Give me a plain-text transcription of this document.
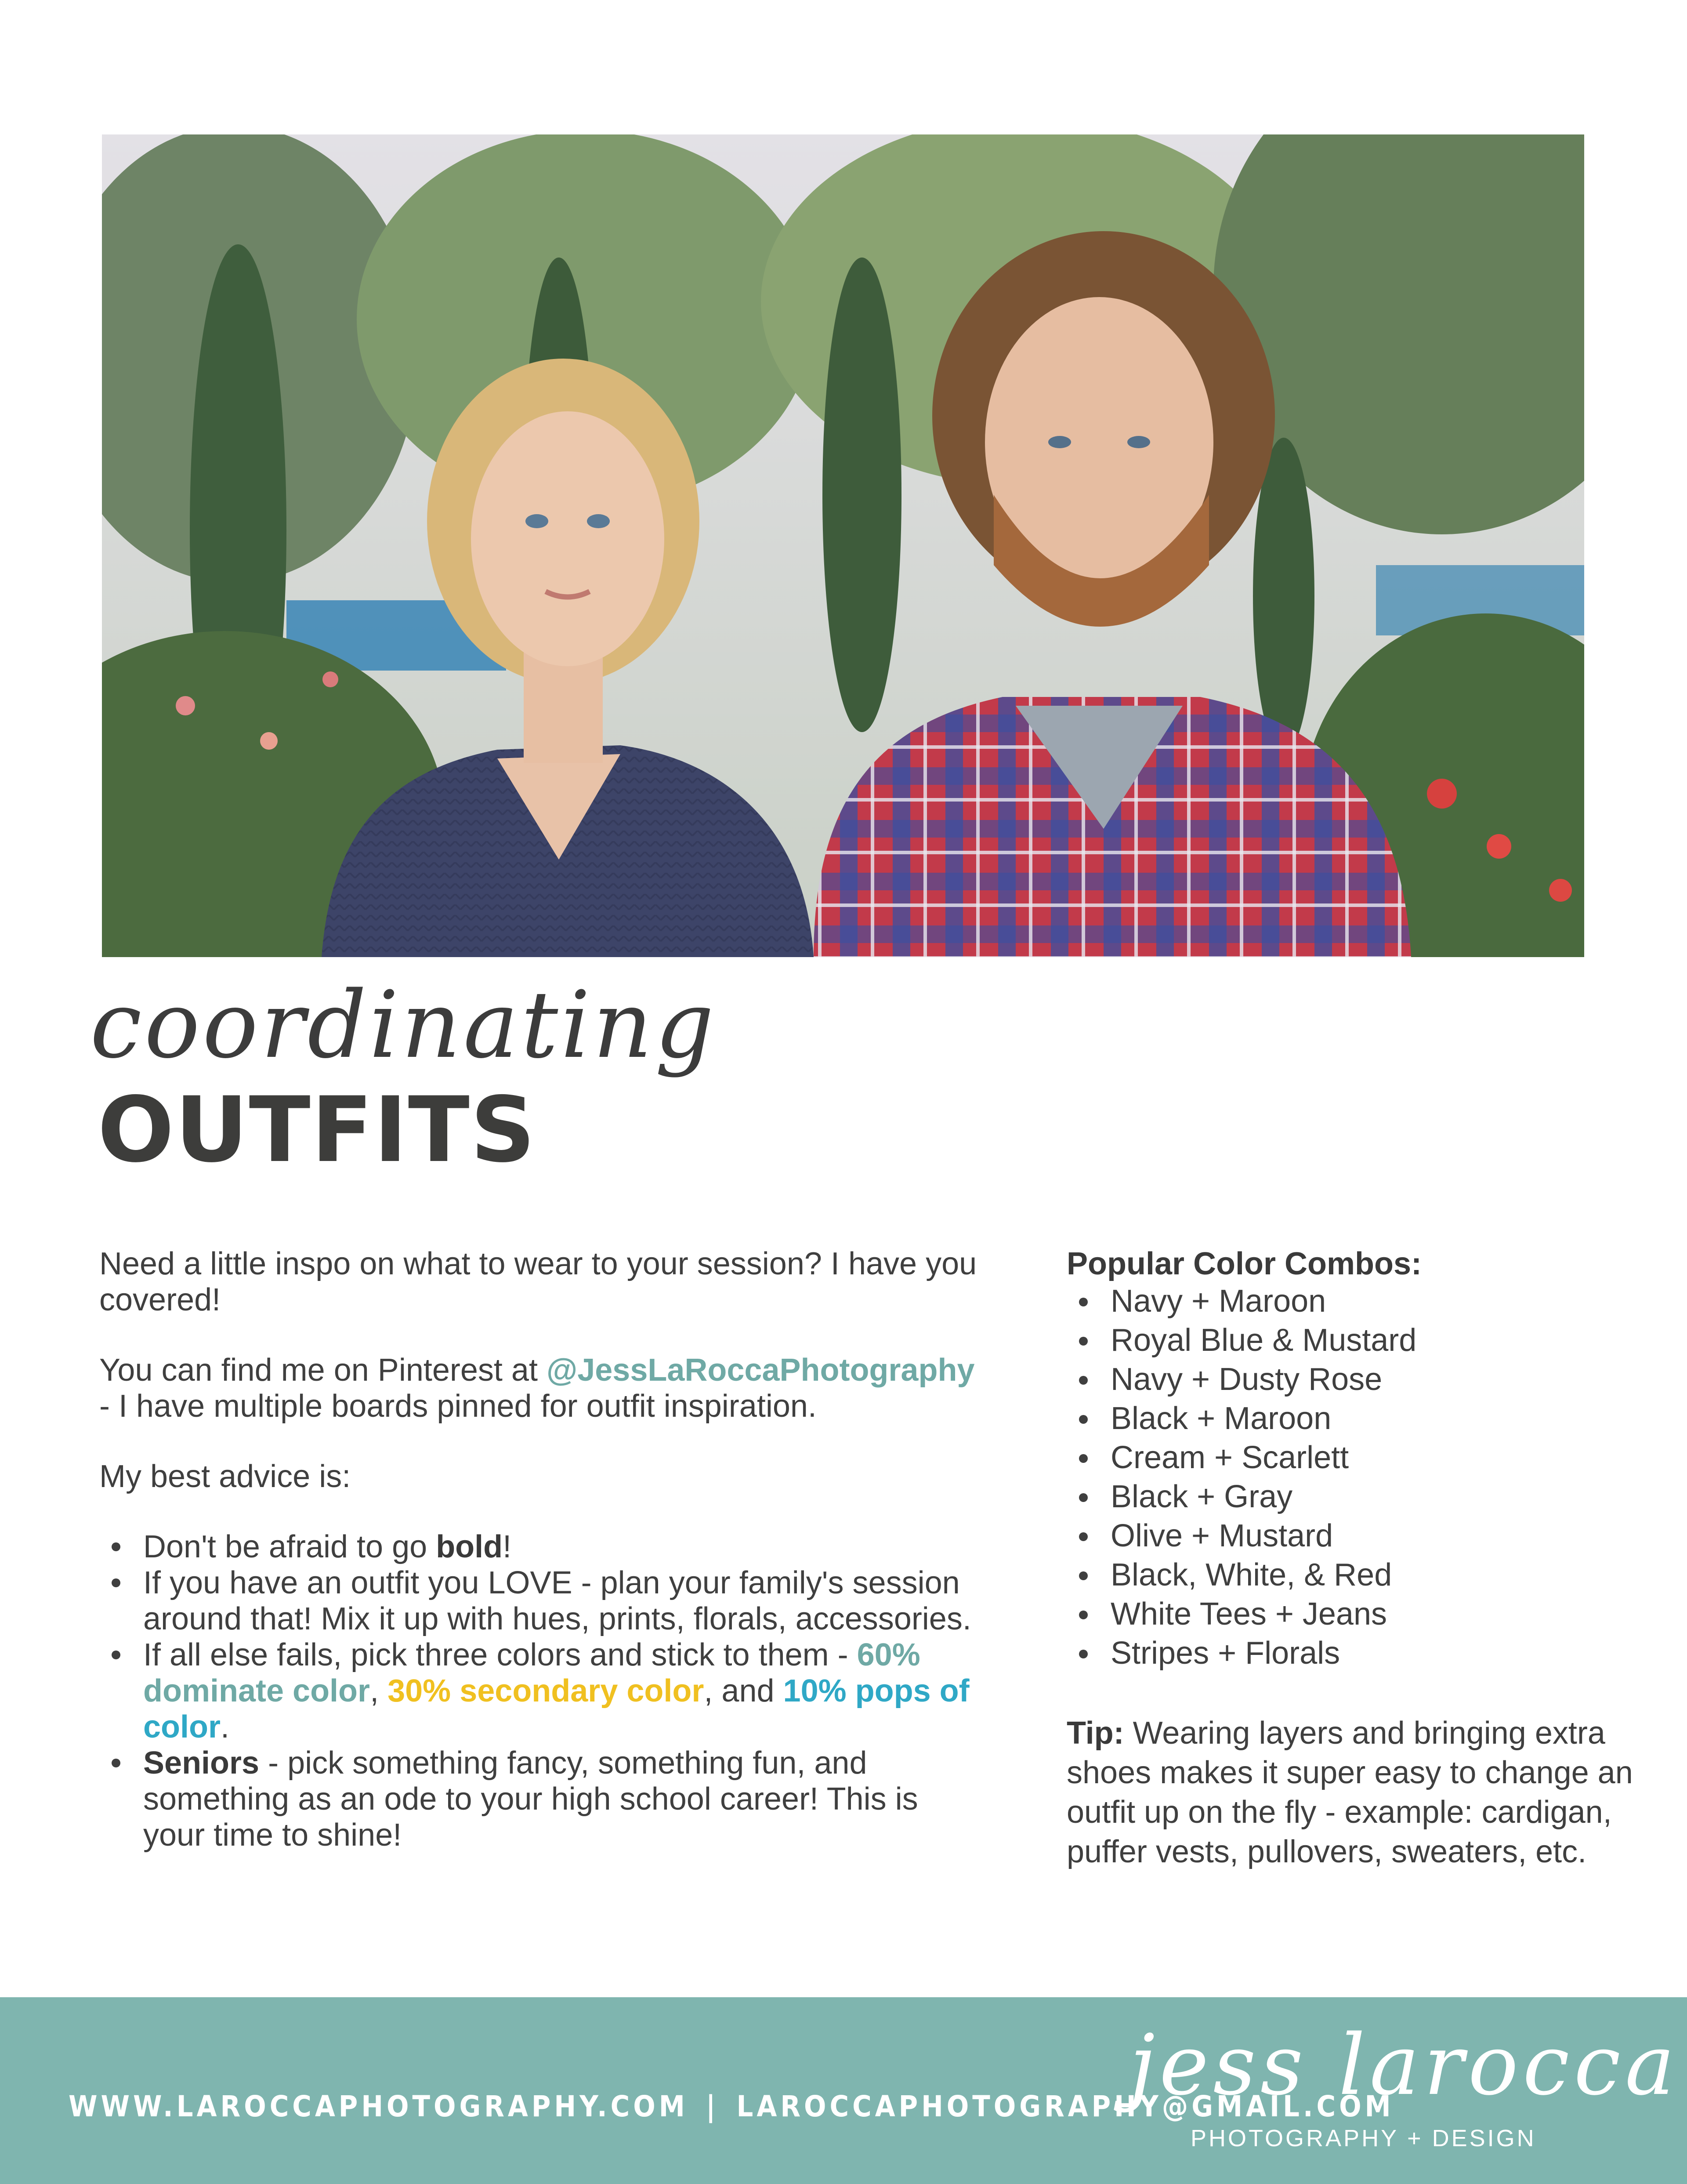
coordinating
OUTFITS

Need a little inspo on what to wear to your session? I have you covered!

You can find me on Pinterest at @JessLaRoccaPhotography - I have multiple boards pinned for outfit inspiration.

My best advice is:

Don't be afraid to go bold!
If you have an outfit you LOVE - plan your family's session around that! Mix it up with hues, prints, florals, accessories.
If all else fails, pick three colors and stick to them - 60% dominate color, 30% secondary color, and 10% pops of color.
Seniors - pick something fancy, something fun, and something as an ode to your high school career! This is your time to shine!

Popular Color Combos:

Navy + Maroon
Royal Blue & Mustard
Navy + Dusty Rose
Black + Maroon
Cream + Scarlett
Black + Gray
Olive + Mustard
Black, White, & Red
White Tees + Jeans
Stripes + Florals

Tip: Wearing layers and bringing extra shoes makes it super easy to change an outfit up on the fly - example: cardigan, puffer vests, pullovers, sweaters, etc.

WWW.LAROCCAPHOTOGRAPHY.COM | LAROCCAPHOTOGRAPHY@GMAIL.COM
jess larocca
PHOTOGRAPHY + DESIGN
